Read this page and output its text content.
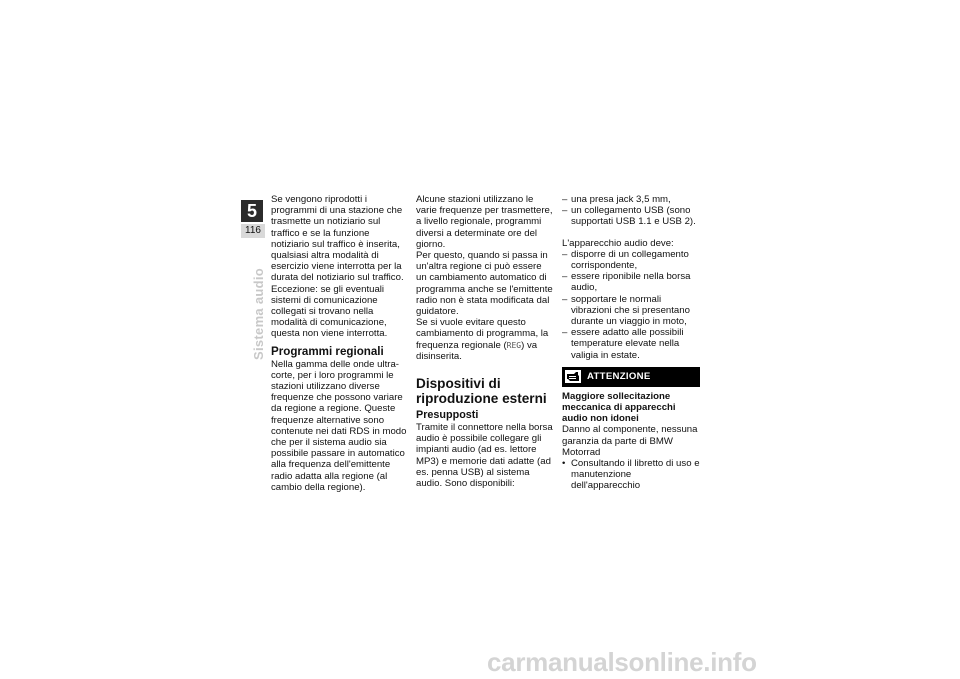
5
116
Sistema audio

Se vengono riprodotti i programmi di una stazione che trasmette un notiziario sul traffico e se la funzione notiziario sul traffico è inserita, qualsiasi altra modalità di esercizio viene interrotta per la durata del notiziario sul traffico. Eccezione: se gli eventuali sistemi di comunicazione collegati si trovano nella modalità di comunicazione, questa non viene interrotta.

Programmi regionali

Nella gamma delle onde ultra-corte, per i loro programmi le stazioni utilizzano diverse frequenze che possono variare da regione a regione. Queste frequenze alternative sono contenute nei dati RDS in modo che per il sistema audio sia possibile passare in automatico alla frequenza dell'emittente radio adatta alla regione (al cambio della regione).

Alcune stazioni utilizzano le varie frequenze per trasmettere, a livello regionale, programmi diversi a determinate ore del giorno.

Per questo, quando si passa in un'altra regione ci può essere un cambiamento automatico di programma anche se l'emittente radio non è stata modificata dal guidatore.

Se si vuole evitare questo cambiamento di programma, la frequenza regionale (REG) va disinserita.

Dispositivi di riproduzione esterni
Presupposti

Tramite il connettore nella borsa audio è possibile collegare gli impianti audio (ad es. lettore MP3) e memorie dati adatte (ad es. penna USB) al sistema audio. Sono disponibili:

– una presa jack 3,5 mm,
– un collegamento USB (sono supportati USB 1.1 e USB 2).

L'apparecchio audio deve:

– disporre di un collegamento corrispondente,
– essere riponibile nella borsa audio,
– sopportare le normali vibrazioni che si presentano durante un viaggio in moto,
– essere adatto alle possibili temperature elevate nella valigia in estate.
ATTENZIONE

Maggiore sollecitazione meccanica di apparecchi audio non idonei

Danno al componente, nessuna garanzia da parte di BMW Motorrad

• Consultando il libretto di uso e manutenzione dell'apparecchio
carmanualsonline.info
